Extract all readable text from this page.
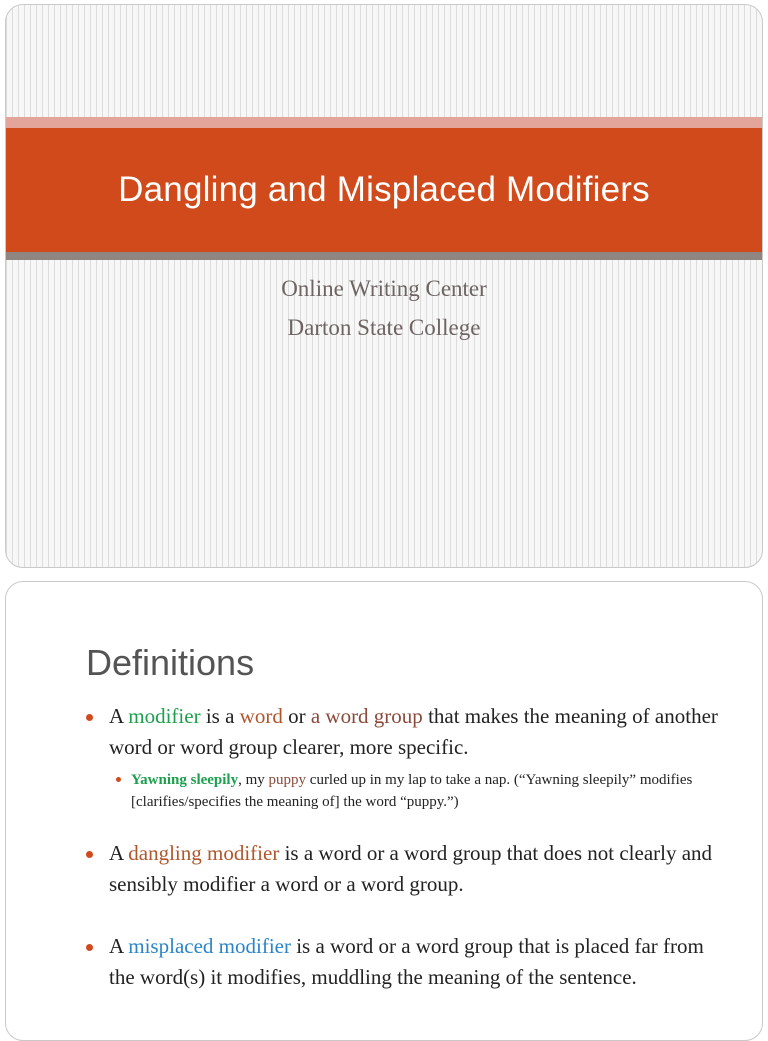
Dangling and Misplaced Modifiers
Online Writing Center
Darton State College
Definitions
A modifier is a word or a word group that makes the meaning of another word or word group clearer, more specific.
Yawning sleepily, my puppy curled up in my lap to take a nap. (“Yawning sleepily” modifies [clarifies/specifies the meaning of] the word “puppy.”)
A dangling modifier is a word or a word group that does not clearly and sensibly modifier a word or a word group.
A misplaced modifier is a word or a word group that is placed far from the word(s) it modifies, muddling the meaning of the sentence.
